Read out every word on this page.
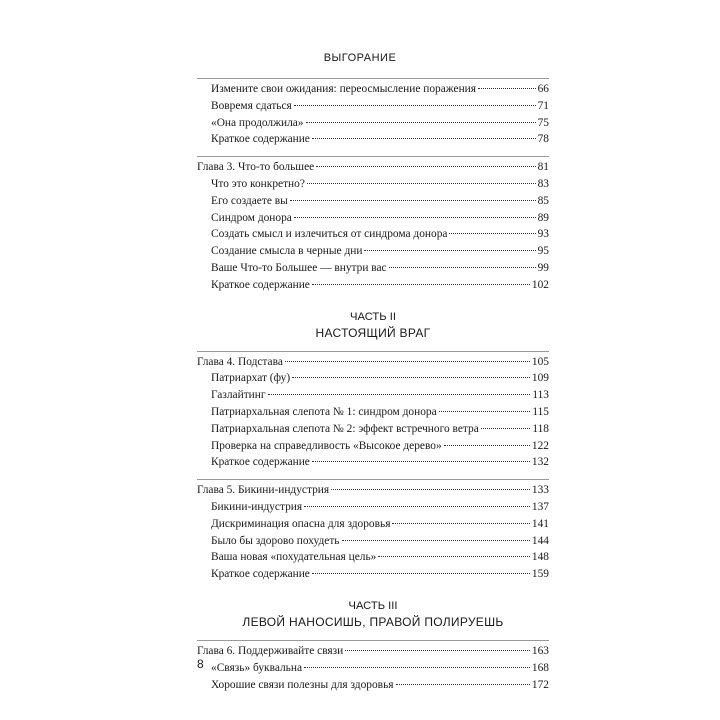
ВЫГОРАНИЕ
Измените свои ожидания: переосмысление поражения	66
Вовремя сдаться	71
«Она продолжила»	75
Краткое содержание	78
Глава 3. Что-то большее	81
Что это конкретно?	83
Его создаете вы	85
Синдром донора	89
Создать смысл и излечиться от синдрома донора	93
Создание смысла в черные дни	95
Ваше Что-то Большее — внутри вас	99
Краткое содержание	102
ЧАСТЬ II
НАСТОЯЩИЙ ВРАГ
Глава 4. Подстава	105
Патриархат (фу)	109
Газлайтинг	113
Патриархальная слепота № 1: синдром донора	115
Патриархальная слепота № 2: эффект встречного ветра	118
Проверка на справедливость «Высокое дерево»	122
Краткое содержание	132
Глава 5. Бикини-индустрия	133
Бикини-индустрия	137
Дискриминация опасна для здоровья	141
Было бы здорово похудеть	144
Ваша новая «похудательная цель»	148
Краткое содержание	159
ЧАСТЬ III
ЛЕВОЙ НАНОСИШЬ, ПРАВОЙ ПОЛИРУЕШЬ
Глава 6. Поддерживайте связи	163
«Связь» буквальна	168
Хорошие связи полезны для здоровья	172
8
